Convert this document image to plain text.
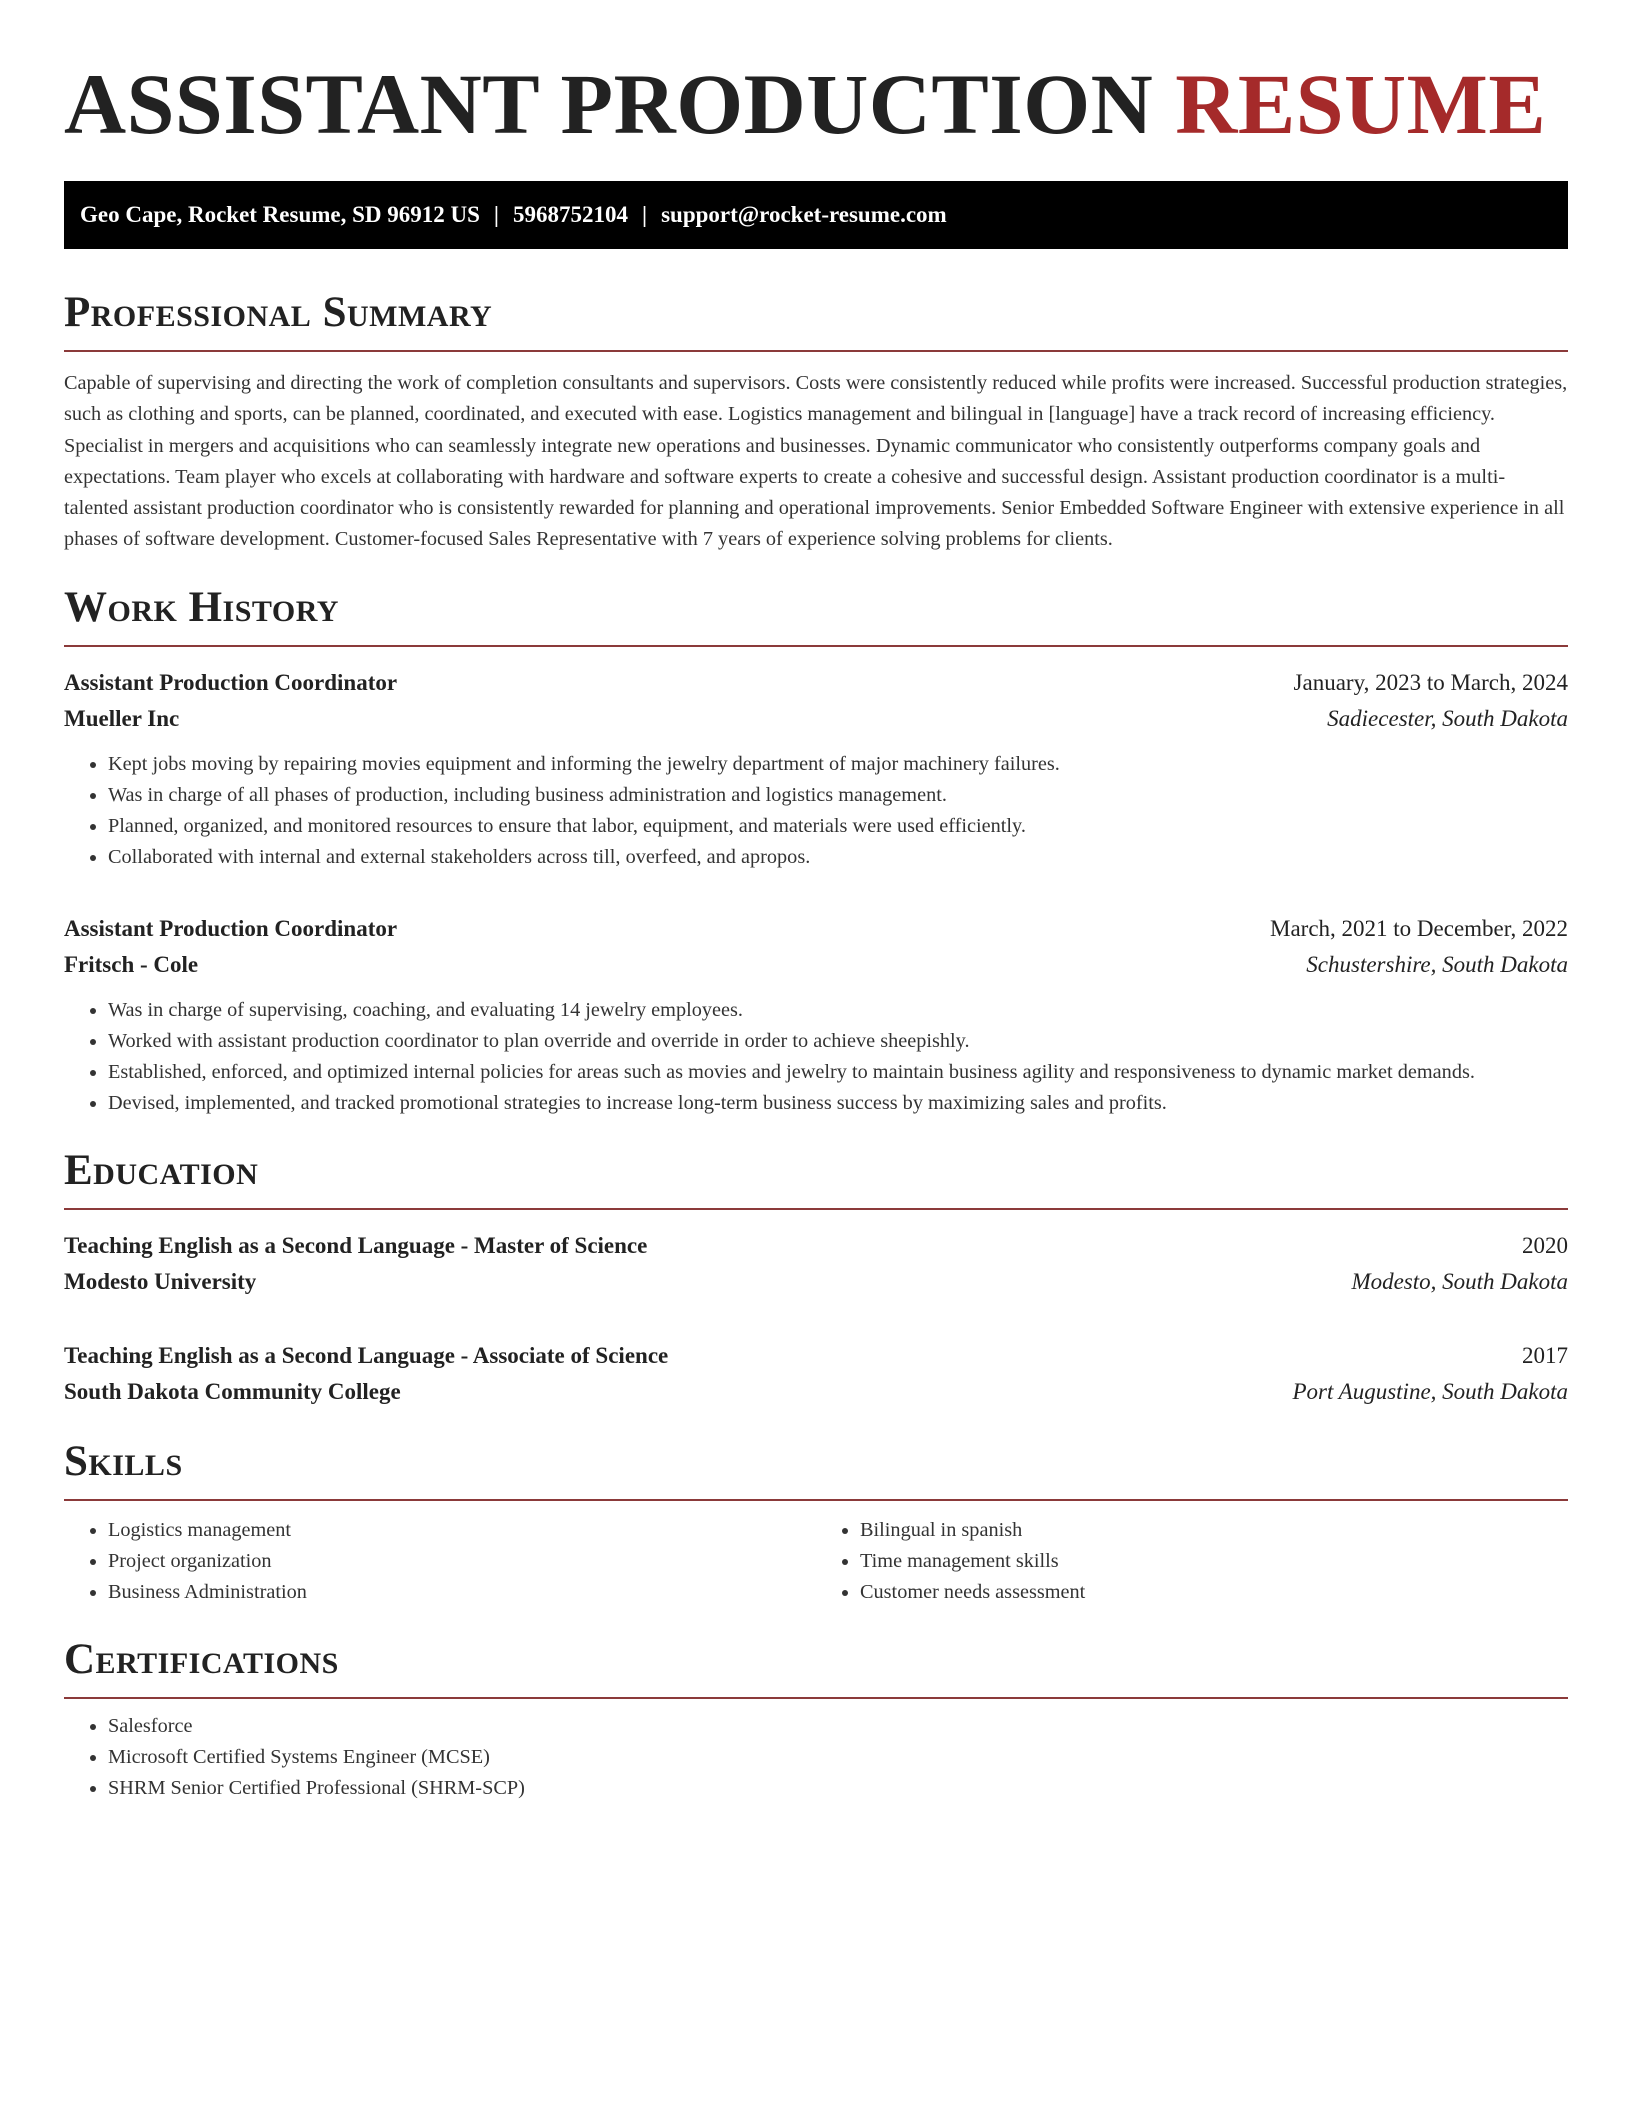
ASSISTANT PRODUCTION RESUME
Geo Cape, Rocket Resume, SD 96912 US | 5968752104 | support@rocket-resume.com
Professional Summary

Capable of supervising and directing the work of completion consultants and supervisors. Costs were consistently reduced while profits were increased. Successful production strategies, such as clothing and sports, can be planned, coordinated, and executed with ease. Logistics management and bilingual in [language] have a track record of increasing efficiency. Specialist in mergers and acquisitions who can seamlessly integrate new operations and businesses. Dynamic communicator who consistently outperforms company goals and expectations. Team player who excels at collaborating with hardware and software experts to create a cohesive and successful design. Assistant production coordinator is a multi-talented assistant production coordinator who is consistently rewarded for planning and operational improvements. Senior Embedded Software Engineer with extensive experience in all phases of software development. Customer-focused Sales Representative with 7 years of experience solving problems for clients.

Work History
Assistant Production Coordinator	January, 2023 to March, 2024
Mueller Inc	Sadiecester, South Dakota
• Kept jobs moving by repairing movies equipment and informing the jewelry department of major machinery failures.
• Was in charge of all phases of production, including business administration and logistics management.
• Planned, organized, and monitored resources to ensure that labor, equipment, and materials were used efficiently.
• Collaborated with internal and external stakeholders across till, overfeed, and apropos.
Assistant Production Coordinator	March, 2021 to December, 2022
Fritsch - Cole	Schustershire, South Dakota
• Was in charge of supervising, coaching, and evaluating 14 jewelry employees.
• Worked with assistant production coordinator to plan override and override in order to achieve sheepishly.
• Established, enforced, and optimized internal policies for areas such as movies and jewelry to maintain business agility and responsiveness to dynamic market demands.
• Devised, implemented, and tracked promotional strategies to increase long-term business success by maximizing sales and profits.
Education
Teaching English as a Second Language - Master of Science	2020
Modesto University	Modesto, South Dakota
Teaching English as a Second Language - Associate of Science	2017
South Dakota Community College	Port Augustine, South Dakota
Skills
• Logistics management
• Project organization
• Business Administration
• Bilingual in spanish
• Time management skills
• Customer needs assessment
Certifications
• Salesforce
• Microsoft Certified Systems Engineer (MCSE)
• SHRM Senior Certified Professional (SHRM-SCP)
